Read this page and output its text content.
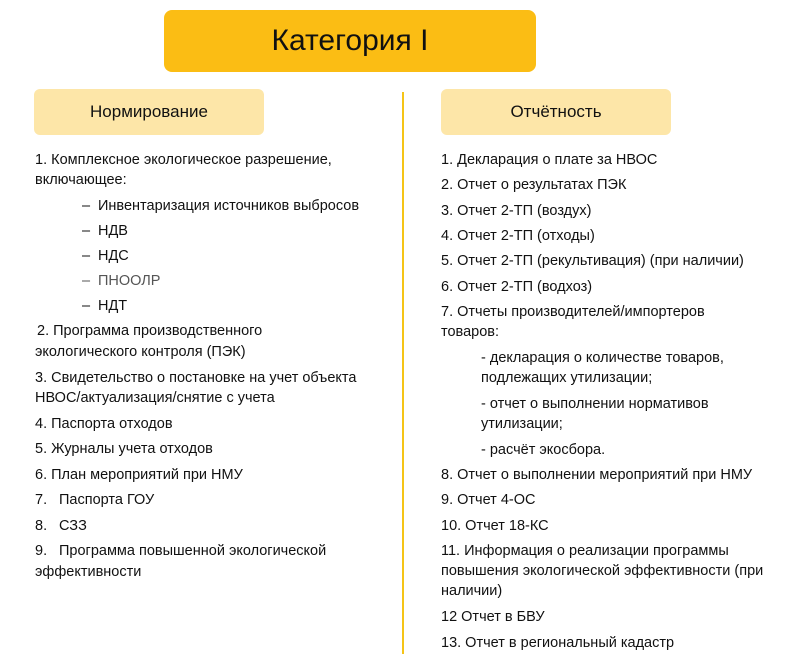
Категория I
Нормирование	Отчётность
1. Комплексное экологическое разрешение,
включающее:
– Инвентаризация источников выбросов
– НДВ
– НДС
– ПНООЛР
– НДТ
2. Программа производственного
экологического контроля (ПЭК)
3. Свидетельство о постановке на учет объекта
НВОС/актуализация/снятие с учета
4. Паспорта отходов
5. Журналы учета отходов
6. План мероприятий при НМУ
7. Паспорта ГОУ
8. СЗЗ
9. Программа повышенной экологической
эффективности
1. Декларация о плате за НВОС
2. Отчет о результатах ПЭК
3. Отчет 2-ТП (воздух)
4. Отчет 2-ТП (отходы)
5. Отчет 2-ТП (рекультивация) (при наличии)
6. Отчет 2-ТП (водхоз)
7. Отчеты производителей/импортеров
товаров:
- декларация о количестве товаров,
подлежащих утилизации;
- отчет о выполнении нормативов
утилизации;
- расчёт экосбора.
8. Отчет о выполнении мероприятий при НМУ
9. Отчет 4-ОС
10. Отчет 18-КС
11. Информация о реализации программы
повышения экологической эффективности (при
наличии)
12 Отчет в БВУ
13. Отчет в региональный кадастр
